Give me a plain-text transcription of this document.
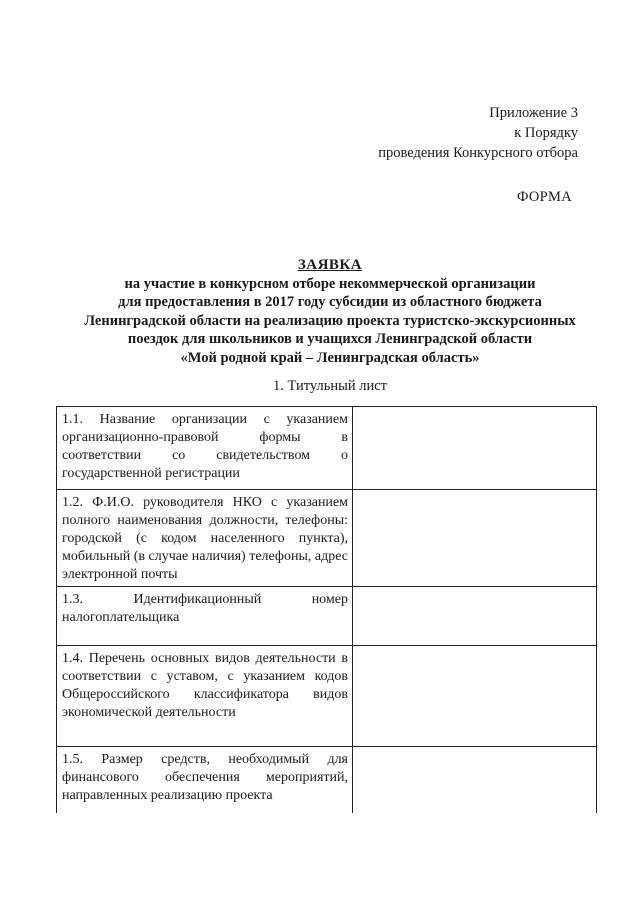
Приложение 3
к Порядку
проведения Конкурсного отбора
ФОРМА
ЗАЯВКА
на участие в конкурсном отборе некоммерческой организации
для предоставления в 2017 году субсидии из областного бюджета
Ленинградской области на реализацию проекта туристско-экскурсионных
поездок для школьников и учащихся Ленинградской области
«Мой родной край – Ленинградская область»
1. Титульный лист
1.1. Название организации с указанием организационно-правовой формы в соответствии со свидетельством о государственной регистрации	
1.2. Ф.И.О. руководителя НКО с указанием полного наименования должности, телефоны: городской (с кодом населенного пункта), мобильный (в случае наличия) телефоны, адрес электронной почты	
1.3. Идентификационный номер налогоплательщика	
1.4. Перечень основных видов деятельности в соответствии с уставом, с указанием кодов Общероссийского классификатора видов экономической деятельности	
1.5. Размер средств, необходимый для финансового обеспечения мероприятий, направленных реализацию проекта	
